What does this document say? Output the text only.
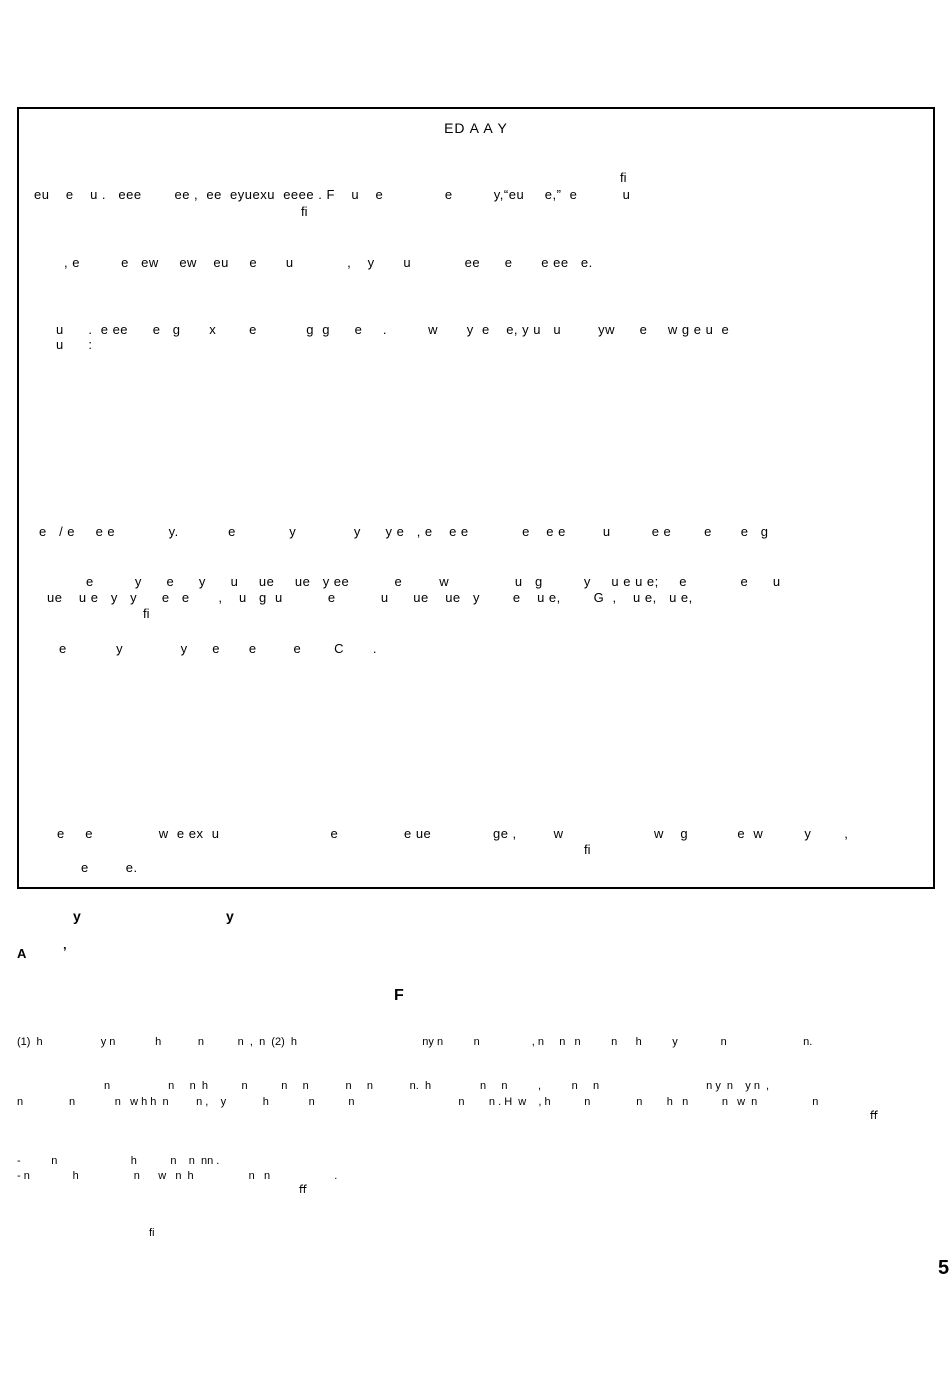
ED A A Y
ﬁ
eu    e    u .   eee        ee ,  ee  eyuexu  eeee . F    u    e               e          y,“eu     e,”  e           u
ﬁ
, e          e   ew     ew    eu     e       u             ,    y       u             ee      e       e ee   e.
u      .  e ee      e   g       x        e            g  g      e     .          w       y  e    e, y u   u         yw      e     w g e u  e
u      :
e   / e     e e             y.            e             y              y      y e   , e    e e             e    e e         u          e e        e       e   g
e          y      e      y      u     ue     ue   y ee           e         w                u   g          y     u e u e;     e             e      u
ue    u e   y   y      e   e       ,    u   g  u           e           u      ue    ue   y        e    u e,        G  ,    u e,   u e,
ﬁ
e            y              y      e       e         e        C       .
e     e                w  e ex  u                           e                e ue               ge ,         w                      w    g            e  w          y        ,
ﬁ
e         e.
y	y
A	’
F
(1)  h                   y n             h            n           n  ,  n  (2)  h                                         ny n          n                 , n     n   n          n      h          y              n                         n.
n                   n     n  h           n           n     n            n     n            n.  h                n     n          ,          n     n                                   n y  n    y n  ,
n               n             n   w h h  n         n ,    y            h             n           n                                  n        n . H  w    , h           n               n        h   n           n   w  n                  n
ﬀ
-          n                        h           n    n  nn .
- n              h                  n      w   n  h                  n   n                     .
ﬀ
ﬁ
5
